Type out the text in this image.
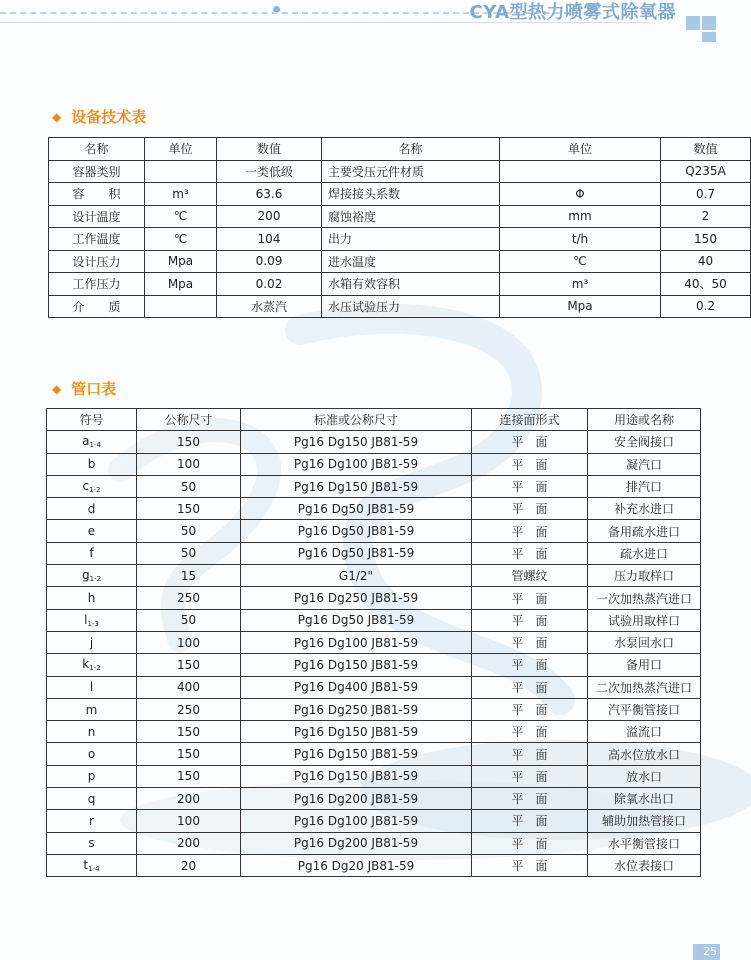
CYA型热力喷雾式除氧器
◆ 设备技术表
名称	单位	数值	名称	单位	数值
容器类别		一类低级	主要受压元件材质		Q235A
容　　积	m³	63.6	焊接接头系数	Φ	0.7
设计温度	℃	200	腐蚀裕度	mm	2
工作温度	℃	104	出力	t/h	150
设计压力	Mpa	0.09	进水温度	℃	40
工作压力	Mpa	0.02	水箱有效容积	m³	40、50
介　　质		水蒸汽	水压试验压力	Mpa	0.2
◆ 管口表
符号	公称尺寸	标准或公称尺寸	连接面形式	用途或名称
$a_{1-4}$	150	Pg16 Dg150 JB81-59	平　面	安全阀接口
b	100	Pg16 Dg100 JB81-59	平　面	凝汽口
$c_{1-2}$	50	Pg16 Dg150 JB81-59	平　面	排汽口
d	150	Pg16 Dg50 JB81-59	平　面	补充水进口
e	50	Pg16 Dg50 JB81-59	平　面	备用疏水进口
f	50	Pg16 Dg50 JB81-59	平　面	疏水进口
$g_{1-2}$	15	G1/2"	管螺纹	压力取样口
h	250	Pg16 Dg250 JB81-59	平　面	一次加热蒸汽进口
$l_{1-3}$	50	Pg16 Dg50 JB81-59	平　面	试验用取样口
j	100	Pg16 Dg100 JB81-59	平　面	水泵回水口
$k_{1-2}$	150	Pg16 Dg150 JB81-59	平　面	备用口
l	400	Pg16 Dg400 JB81-59	平　面	二次加热蒸汽进口
m	250	Pg16 Dg250 JB81-59	平　面	汽平衡管接口
n	150	Pg16 Dg150 JB81-59	平　面	溢流口
o	150	Pg16 Dg150 JB81-59	平　面	高水位放水口
p	150	Pg16 Dg150 JB81-59	平　面	放水口
q	200	Pg16 Dg200 JB81-59	平　面	除氧水出口
r	100	Pg16 Dg100 JB81-59	平　面	辅助加热管接口
s	200	Pg16 Dg200 JB81-59	平　面	水平衡管接口
$t_{1-4}$	20	Pg16 Dg20 JB81-59	平　面	水位表接口
25
